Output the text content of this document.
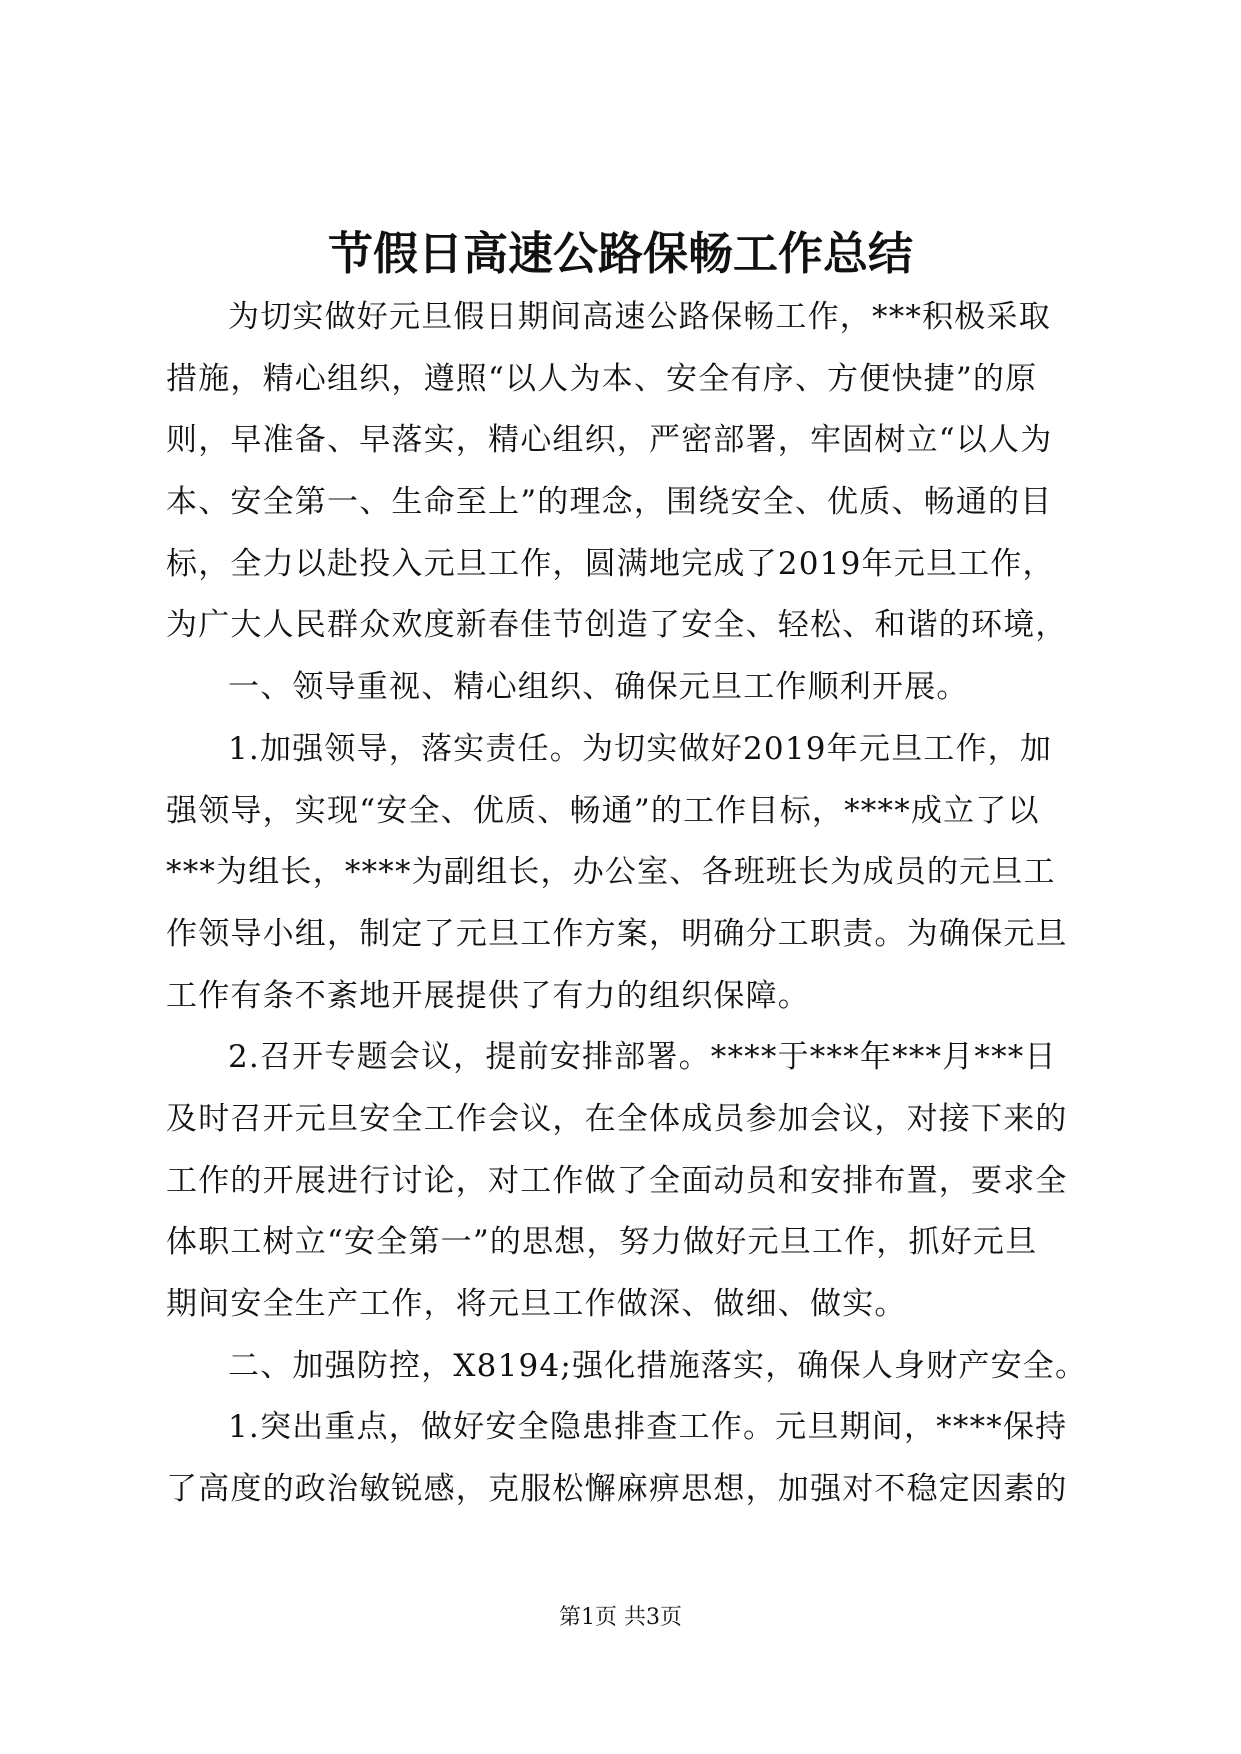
节假日高速公路保畅工作总结
为切实做好元旦假日期间高速公路保畅工作，***积极采取
措施，精心组织，遵照“以人为本、安全有序、方便快捷”的原
则，早准备、早落实，精心组织，严密部署，牢固树立“以人为
本、安全第一、生命至上”的理念，围绕安全、优质、畅通的目
标，全力以赴投入元旦工作，圆满地完成了2019年元旦工作，
为广大人民群众欢度新春佳节创造了安全、轻松、和谐的环境，
一、领导重视、精心组织、确保元旦工作顺利开展。
1.加强领导，落实责任。为切实做好2019年元旦工作，加
强领导，实现“安全、优质、畅通”的工作目标，****成立了以
***为组长，****为副组长，办公室、各班班长为成员的元旦工
作领导小组，制定了元旦工作方案，明确分工职责。为确保元旦
工作有条不紊地开展提供了有力的组织保障。
2.召开专题会议，提前安排部署。****于***年***月***日
及时召开元旦安全工作会议，在全体成员参加会议，对接下来的
工作的开展进行讨论，对工作做了全面动员和安排布置，要求全
体职工树立“安全第一”的思想，努力做好元旦工作，抓好元旦
期间安全生产工作，将元旦工作做深、做细、做实。
二、加强防控，X8194;强化措施落实，确保人身财产安全。
1.突出重点，做好安全隐患排查工作。元旦期间，****保持
了高度的政治敏锐感，克服松懈麻痹思想，加强对不稳定因素的
第1页 共3页
